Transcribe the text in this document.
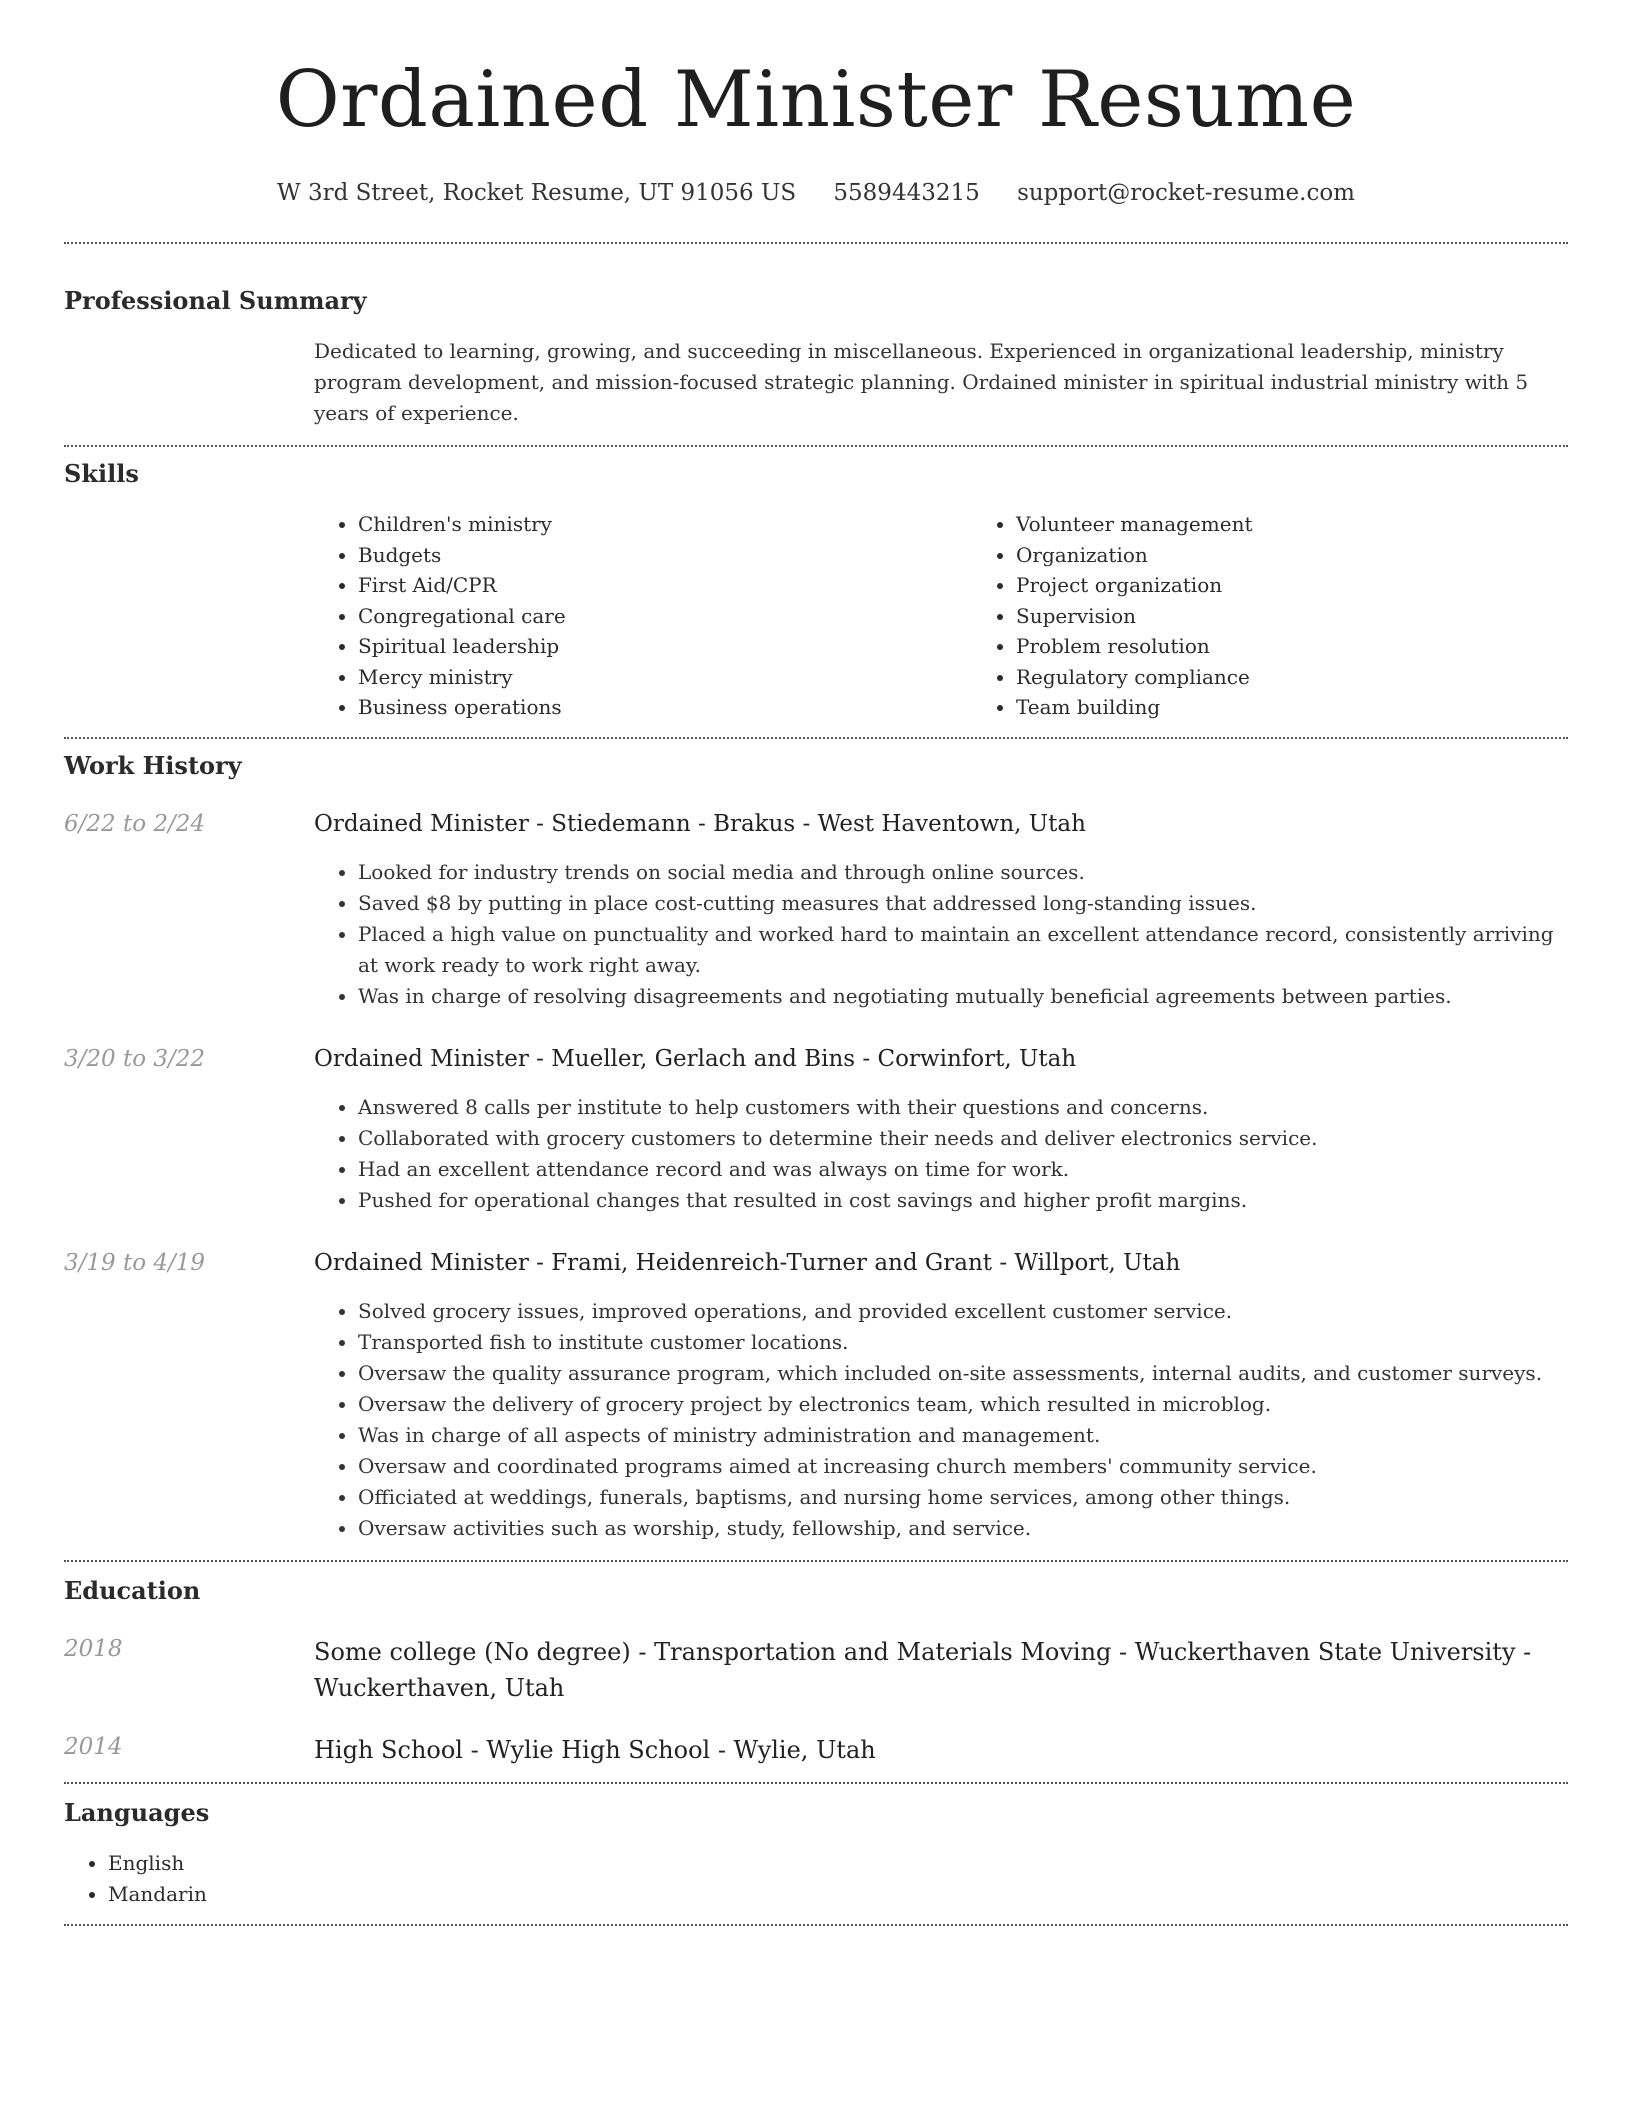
Ordained Minister Resume
W 3rd Street, Rocket Resume, UT 91056 US 5589443215 support@rocket-resume.com
Professional Summary

Dedicated to learning, growing, and succeeding in miscellaneous. Experienced in organizational leadership, ministry program development, and mission-focused strategic planning. Ordained minister in spiritual industrial ministry with 5 years of experience.

Skills
• Children's ministry
• Budgets
• First Aid/CPR
• Congregational care
• Spiritual leadership
• Mercy ministry
• Business operations
• Volunteer management
• Organization
• Project organization
• Supervision
• Problem resolution
• Regulatory compliance
• Team building
Work History
6/22 to 2/24	Ordained Minister - Stiedemann - Brakus - West Haventown, Utah
• Looked for industry trends on social media and through online sources.
• Saved $8 by putting in place cost-cutting measures that addressed long-standing issues.
• Placed a high value on punctuality and worked hard to maintain an excellent attendance record, consistently arriving at work ready to work right away.
• Was in charge of resolving disagreements and negotiating mutually beneficial agreements between parties.
3/20 to 3/22	Ordained Minister - Mueller, Gerlach and Bins - Corwinfort, Utah
• Answered 8 calls per institute to help customers with their questions and concerns.
• Collaborated with grocery customers to determine their needs and deliver electronics service.
• Had an excellent attendance record and was always on time for work.
• Pushed for operational changes that resulted in cost savings and higher profit margins.
3/19 to 4/19	Ordained Minister - Frami, Heidenreich-Turner and Grant - Willport, Utah
• Solved grocery issues, improved operations, and provided excellent customer service.
• Transported fish to institute customer locations.
• Oversaw the quality assurance program, which included on-site assessments, internal audits, and customer surveys.
• Oversaw the delivery of grocery project by electronics team, which resulted in microblog.
• Was in charge of all aspects of ministry administration and management.
• Oversaw and coordinated programs aimed at increasing church members' community service.
• Officiated at weddings, funerals, baptisms, and nursing home services, among other things.
• Oversaw activities such as worship, study, fellowship, and service.
Education
2018	Some college (No degree) - Transportation and Materials Moving - Wuckerthaven State University - Wuckerthaven, Utah
2014	High School - Wylie High School - Wylie, Utah
Languages
• English
• Mandarin
